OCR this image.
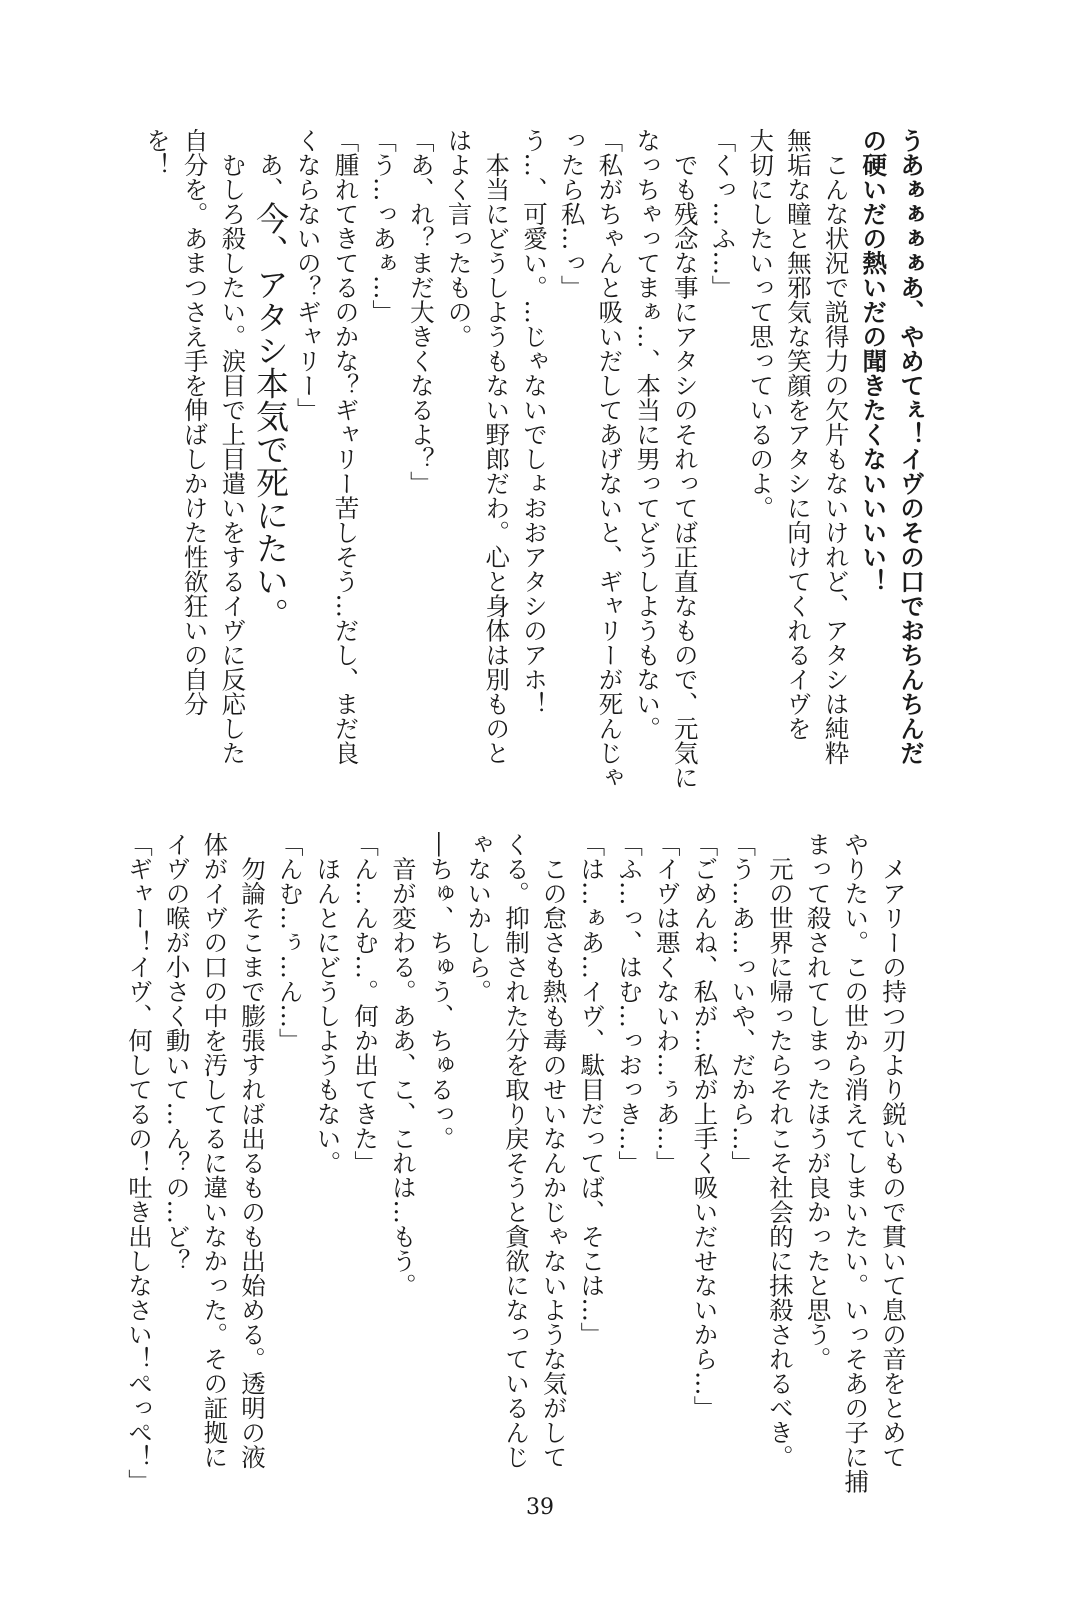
うあぁぁぁぁあ、やめてぇ！イヴのその口でおちんちんだ
の硬いだの熱いだの聞きたくないいいい！
　こんな状況で説得力の欠片もないけれど、アタシは純粋
無垢な瞳と無邪気な笑顔をアタシに向けてくれるイヴを
大切にしたいって思っているのよ。
「くっ…ふ…」
　でも残念な事にアタシのそれってば正直なもので、元気に
なっちゃってまぁ…、本当に男ってどうしようもない。
「私がちゃんと吸いだしてあげないと、ギャリーが死んじゃ
ったら私…っ」
う…、可愛い。…じゃないでしょおおアタシのアホ！
　本当にどうしようもない野郎だわ。心と身体は別ものと
はよく言ったもの。
「あ、れ？まだ大きくなるよ？」
「う…っあぁ…」
「腫れてきてるのかな？ギャリー苦しそう…だし、まだ良
くならないの？ギャリー」
　あ、今、アタシ本気で死にたい。
　むしろ殺したい。涙目で上目遣いをするイヴに反応した
自分を。あまつさえ手を伸ばしかけた性欲狂いの自分
を！
　メアリーの持つ刃より鋭いもので貫いて息の音をとめて
やりたい。この世から消えてしまいたい。いっそあの子に捕
まって殺されてしまったほうが良かったと思う。
　元の世界に帰ったらそれこそ社会的に抹殺されるべき。
「う…あ…っいや、だから…」
「ごめんね、私が…私が上手く吸いだせないから…」
「イヴは悪くないわ…ぅあ…」
「ふ…っ、はむ…っおっき…」
「は…ぁあ…イヴ、駄目だってば、そこは…」
　この怠さも熱も毒のせいなんかじゃないような気がして
くる。抑制された分を取り戻そうと貪欲になっているんじ
ゃないかしら。
―ちゅ、ちゅう、ちゅるっ。
　音が変わる。ああ、こ、これは…もう。
「ん…んむ…。何か出てきた」
　ほんとにどうしようもない。
「んむ…ぅ…ん…」
　勿論そこまで膨張すれば出るものも出始める。透明の液
体がイヴの口の中を汚してるに違いなかった。その証拠に
イヴの喉が小さく動いて…ん？の…ど？
「ギャー！イヴ、何してるの！吐き出しなさい！ぺっぺ！」
39
